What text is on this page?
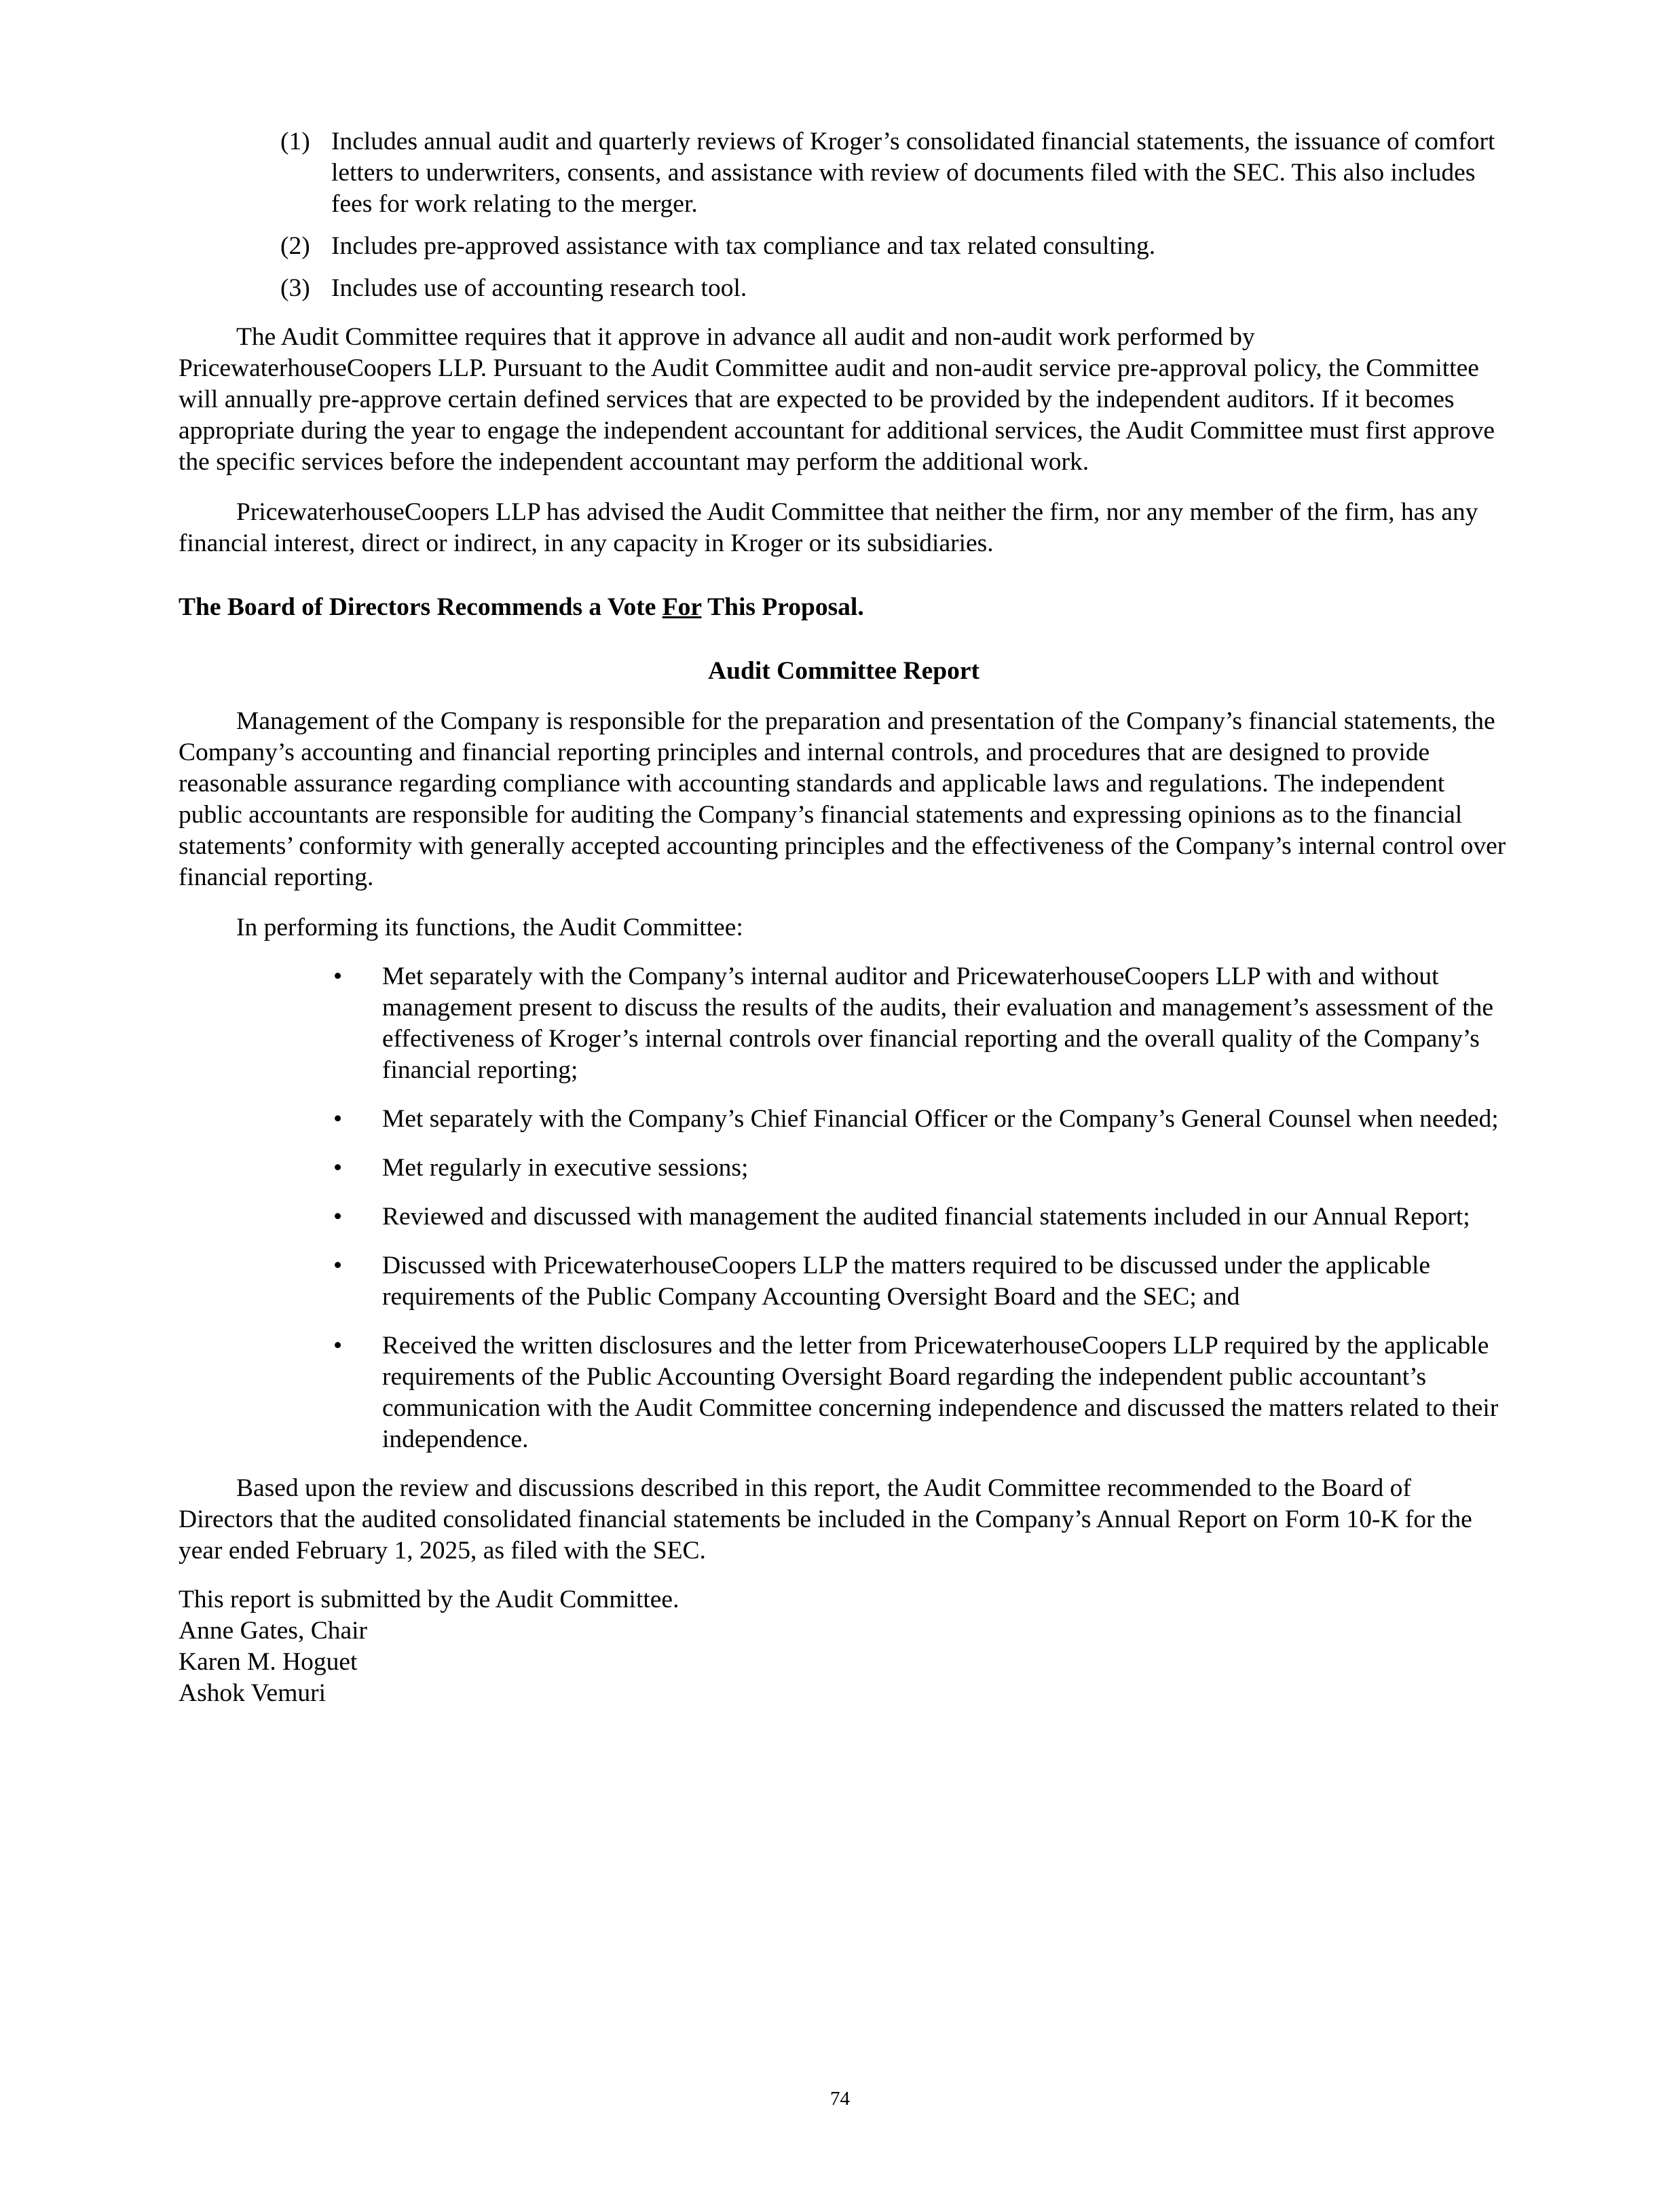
(1) Includes annual audit and quarterly reviews of Kroger’s consolidated financial statements, the issuance of comfort letters to underwriters, consents, and assistance with review of documents filed with the SEC. This also includes fees for work relating to the merger.
(2) Includes pre-approved assistance with tax compliance and tax related consulting.
(3) Includes use of accounting research tool.

The Audit Committee requires that it approve in advance all audit and non-audit work performed by PricewaterhouseCoopers LLP. Pursuant to the Audit Committee audit and non-audit service pre-approval policy, the Committee will annually pre-approve certain defined services that are expected to be provided by the independent auditors. If it becomes appropriate during the year to engage the independent accountant for additional services, the Audit Committee must first approve the specific services before the independent accountant may perform the additional work.

PricewaterhouseCoopers LLP has advised the Audit Committee that neither the firm, nor any member of the firm, has any financial interest, direct or indirect, in any capacity in Kroger or its subsidiaries.

The Board of Directors Recommends a Vote For This Proposal.

Audit Committee Report

Management of the Company is responsible for the preparation and presentation of the Company’s financial statements, the Company’s accounting and financial reporting principles and internal controls, and procedures that are designed to provide reasonable assurance regarding compliance with accounting standards and applicable laws and regulations. The independent public accountants are responsible for auditing the Company’s financial statements and expressing opinions as to the financial statements’ conformity with generally accepted accounting principles and the effectiveness of the Company’s internal control over financial reporting.

In performing its functions, the Audit Committee:

• Met separately with the Company’s internal auditor and PricewaterhouseCoopers LLP with and without management present to discuss the results of the audits, their evaluation and management’s assessment of the effectiveness of Kroger’s internal controls over financial reporting and the overall quality of the Company’s financial reporting;
• Met separately with the Company’s Chief Financial Officer or the Company’s General Counsel when needed;
• Met regularly in executive sessions;
• Reviewed and discussed with management the audited financial statements included in our Annual Report;
• Discussed with PricewaterhouseCoopers LLP the matters required to be discussed under the applicable requirements of the Public Company Accounting Oversight Board and the SEC; and
• Received the written disclosures and the letter from PricewaterhouseCoopers LLP required by the applicable requirements of the Public Accounting Oversight Board regarding the independent public accountant’s communication with the Audit Committee concerning independence and discussed the matters related to their independence.

Based upon the review and discussions described in this report, the Audit Committee recommended to the Board of Directors that the audited consolidated financial statements be included in the Company’s Annual Report on Form 10-K for the year ended February 1, 2025, as filed with the SEC.

This report is submitted by the Audit Committee.

Anne Gates, Chair

Karen M. Hoguet

Ashok Vemuri

74
